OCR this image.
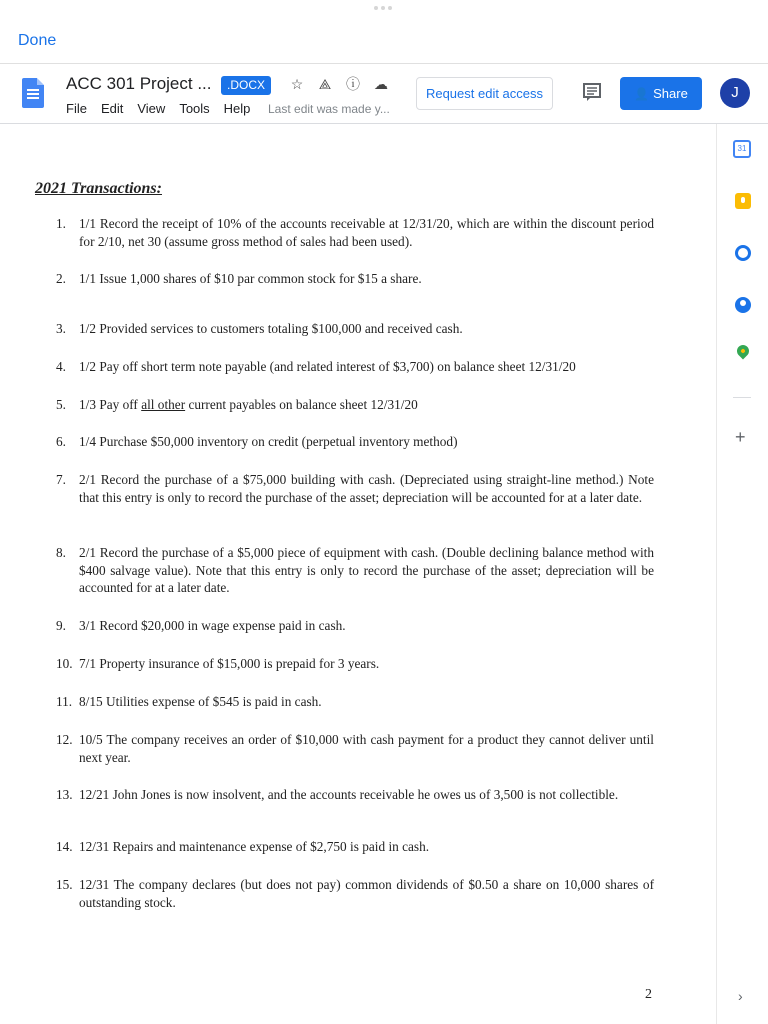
Done
ACC 301 Project ...	.DOCX	☆ ⟁ ⓘ ☁
File Edit View Tools Help Last edit was made y...
Request edit access	👤 Share	J
31
+
›
2021 Transactions:
1. 1/1 Record the receipt of 10% of the accounts receivable at 12/31/20, which are within the discount period for 2/10, net 30 (assume gross method of sales had been used).
2. 1/1 Issue 1,000 shares of $10 par common stock for $15 a share.
3. 1/2 Provided services to customers totaling $100,000 and received cash.
4. 1/2 Pay off short term note payable (and related interest of $3,700) on balance sheet 12/31/20
5. 1/3 Pay off all other current payables on balance sheet 12/31/20
6. 1/4 Purchase $50,000 inventory on credit (perpetual inventory method)
7. 2/1 Record the purchase of a $75,000 building with cash. (Depreciated using straight-line method.) Note that this entry is only to record the purchase of the asset; depreciation will be accounted for at a later date.
8. 2/1 Record the purchase of a $5,000 piece of equipment with cash. (Double declining balance method with $400 salvage value). Note that this entry is only to record the purchase of the asset; depreciation will be accounted for at a later date.
9. 3/1 Record $20,000 in wage expense paid in cash.
10. 7/1 Property insurance of $15,000 is prepaid for 3 years.
11. 8/15 Utilities expense of $545 is paid in cash.
12. 10/5 The company receives an order of $10,000 with cash payment for a product they cannot deliver until next year.
13. 12/21 John Jones is now insolvent, and the accounts receivable he owes us of 3,500 is not collectible.
14. 12/31 Repairs and maintenance expense of $2,750 is paid in cash.
15. 12/31 The company declares (but does not pay) common dividends of $0.50 a share on 10,000 shares of outstanding stock.
2
